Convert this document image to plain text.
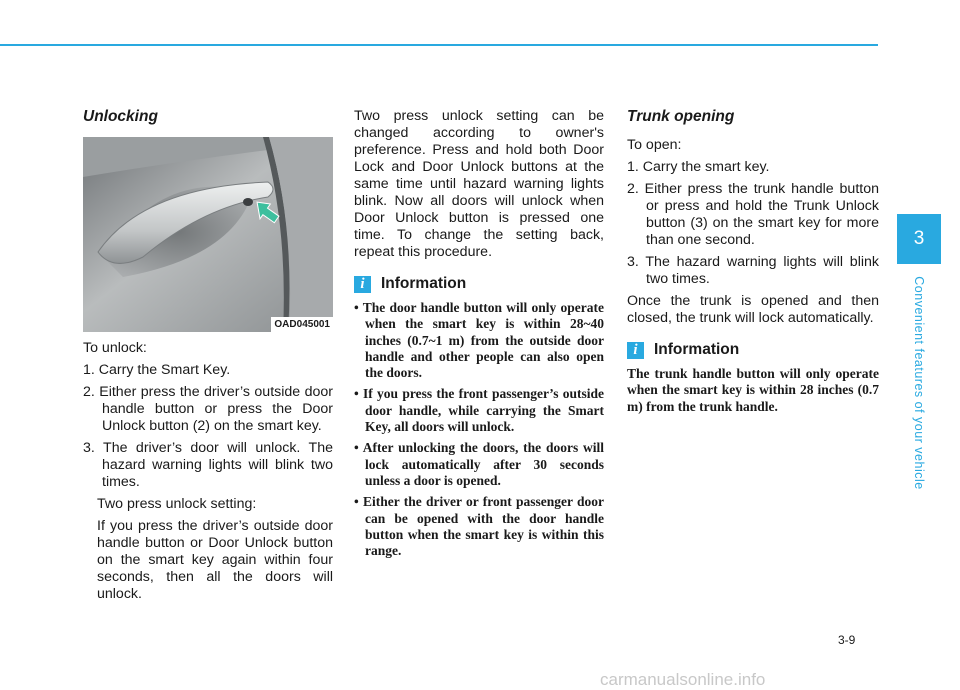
Unlocking
OAD045001

To unlock:

1. Carry the Smart Key.
2. Either press the driver’s outside door handle button or press the Door Unlock button (2) on the smart key.
3. The driver’s door will unlock. The hazard warning lights will blink two times.

Two press unlock setting:

If you press the driver’s outside door handle button or Door Unlock button on the smart key again within four seconds, then all the doors will unlock.

Two press unlock setting can be changed according to owner's preference. Press and hold both Door Lock and Door Unlock buttons at the same time until hazard warning lights blink. Now all doors will unlock when Door Unlock button is pressed one time. To change the setting back, repeat this procedure.

i	Information
• The door handle button will only operate when the smart key is within 28~40 inches (0.7~1 m) from the outside door handle and other people can also open the doors.
• If you press the front passenger’s outside door handle, while carrying the Smart Key, all doors will unlock.
• After unlocking the doors, the doors will lock automatically after 30 seconds unless a door is opened.
• Either the driver or front passenger door can be opened with the door handle button when the smart key is within this range.
Trunk opening

To open:

1. Carry the smart key.
2. Either press the trunk handle button or press and hold the Trunk Unlock button (3) on the smart key for more than one second.
3. The hazard warning lights will blink two times.

Once the trunk is opened and then closed, the trunk will lock automatically.

i	Information
The trunk handle button will only operate when the smart key is within 28 inches (0.7 m) from the trunk handle.
3
Convenient features of your vehicle
3-9
carmanualsonline.info
